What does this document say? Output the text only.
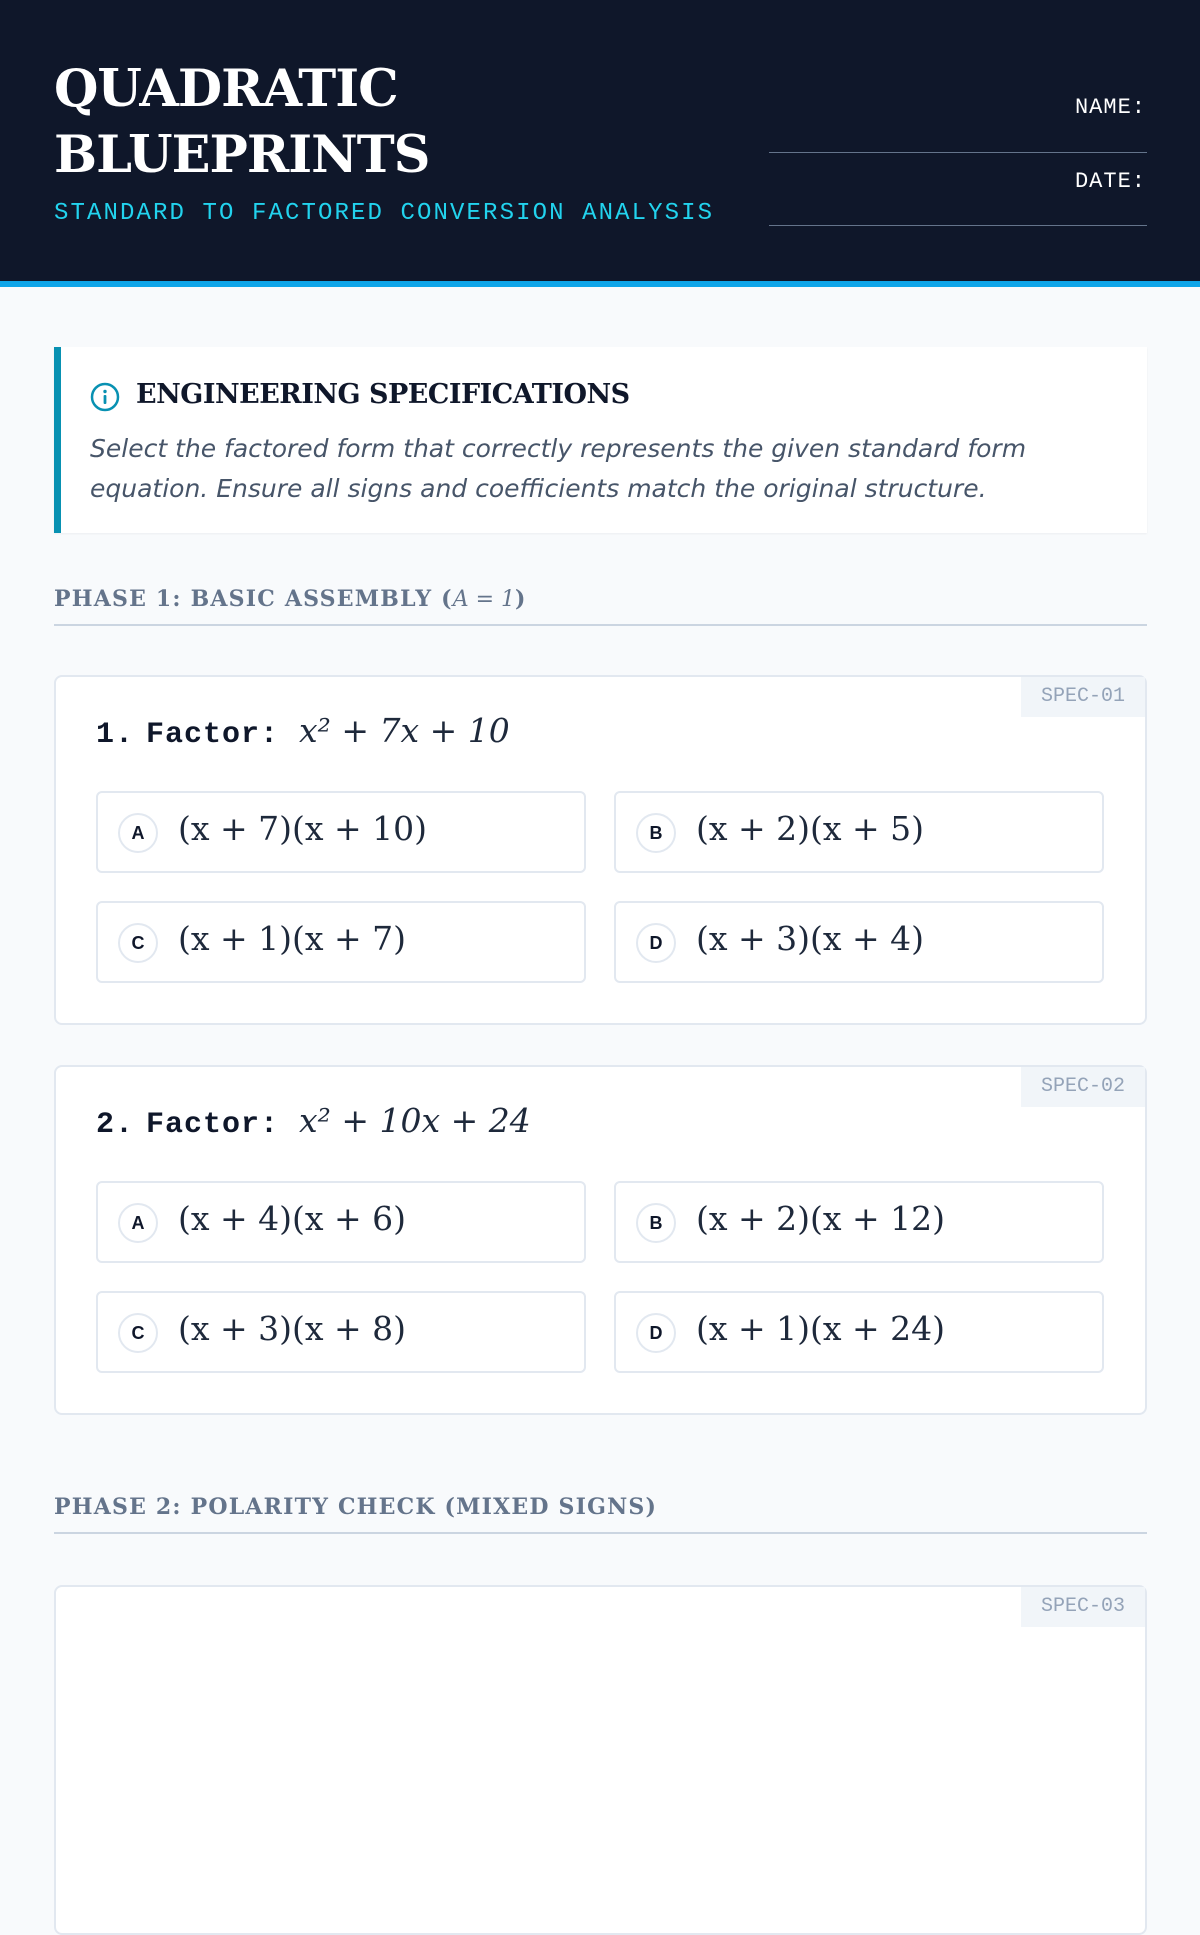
QUADRATIC
BLUEPRINTS
STANDARD TO FACTORED CONVERSION ANALYSIS
NAME:
DATE:
ENGINEERING SPECIFICATIONS
Select the factored form that correctly represents the given standard form equation. Ensure all signs and coefficients match the original structure.
PHASE 1: BASIC ASSEMBLY (A = 1)
SPEC-01
1. Factor: x² + 7x + 10
A	(x + 7)(x + 10)	B	(x + 2)(x + 5)
C	(x + 1)(x + 7)	D	(x + 3)(x + 4)
SPEC-02
2. Factor: x² + 10x + 24
A	(x + 4)(x + 6)	B	(x + 2)(x + 12)
C	(x + 3)(x + 8)	D	(x + 1)(x + 24)
PHASE 2: POLARITY CHECK (MIXED SIGNS)
SPEC-03
